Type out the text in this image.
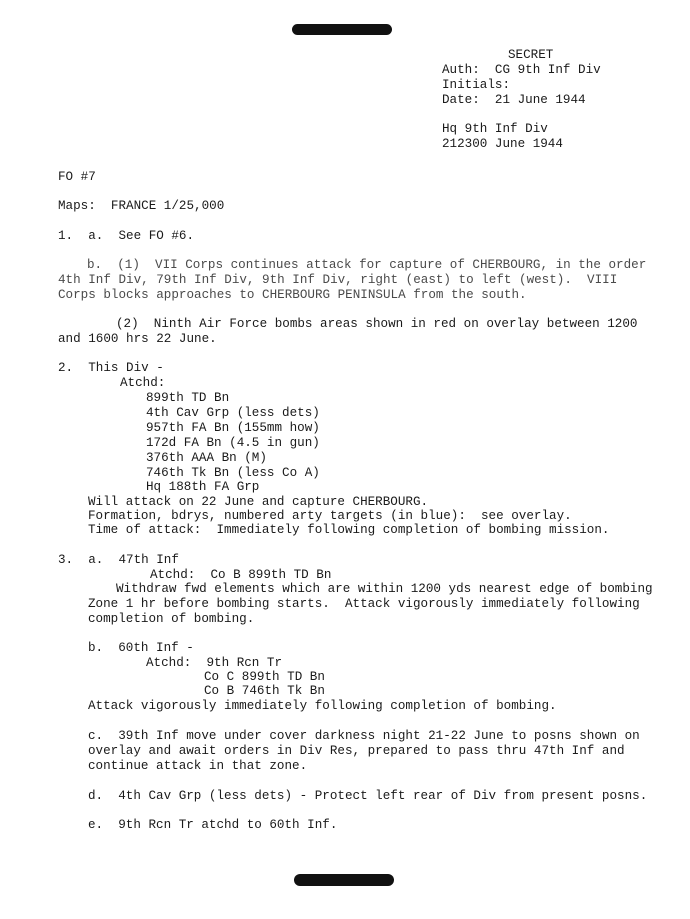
SECRET
Auth:  CG 9th Inf Div
Initials:
Date:  21 June 1944
Hq 9th Inf Div
212300 June 1944
FO #7
Maps:  FRANCE 1/25,000
1.  a.  See FO #6.
b.  (1)  VII Corps continues attack for capture of CHERBOURG, in the order
4th Inf Div, 79th Inf Div, 9th Inf Div, right (east) to left (west).  VIII
Corps blocks approaches to CHERBOURG PENINSULA from the south.
(2)  Ninth Air Force bombs areas shown in red on overlay between 1200
and 1600 hrs 22 June.
2.  This Div -
Atchd:
899th TD Bn
4th Cav Grp (less dets)
957th FA Bn (155mm how)
172d FA Bn (4.5 in gun)
376th AAA Bn (M)
746th Tk Bn (less Co A)
Hq 188th FA Grp
Will attack on 22 June and capture CHERBOURG.
Formation, bdrys, numbered arty targets (in blue):  see overlay.
Time of attack:  Immediately following completion of bombing mission.
3.  a.  47th Inf
Atchd:  Co B 899th TD Bn
Withdraw fwd elements which are within 1200 yds nearest edge of bombing
Zone 1 hr before bombing starts.  Attack vigorously immediately following
completion of bombing.
b.  60th Inf -
Atchd:  9th Rcn Tr
Co C 899th TD Bn
Co B 746th Tk Bn
Attack vigorously immediately following completion of bombing.
c.  39th Inf move under cover darkness night 21-22 June to posns shown on
overlay and await orders in Div Res, prepared to pass thru 47th Inf and
continue attack in that zone.
d.  4th Cav Grp (less dets) - Protect left rear of Div from present posns.
e.  9th Rcn Tr atchd to 60th Inf.
